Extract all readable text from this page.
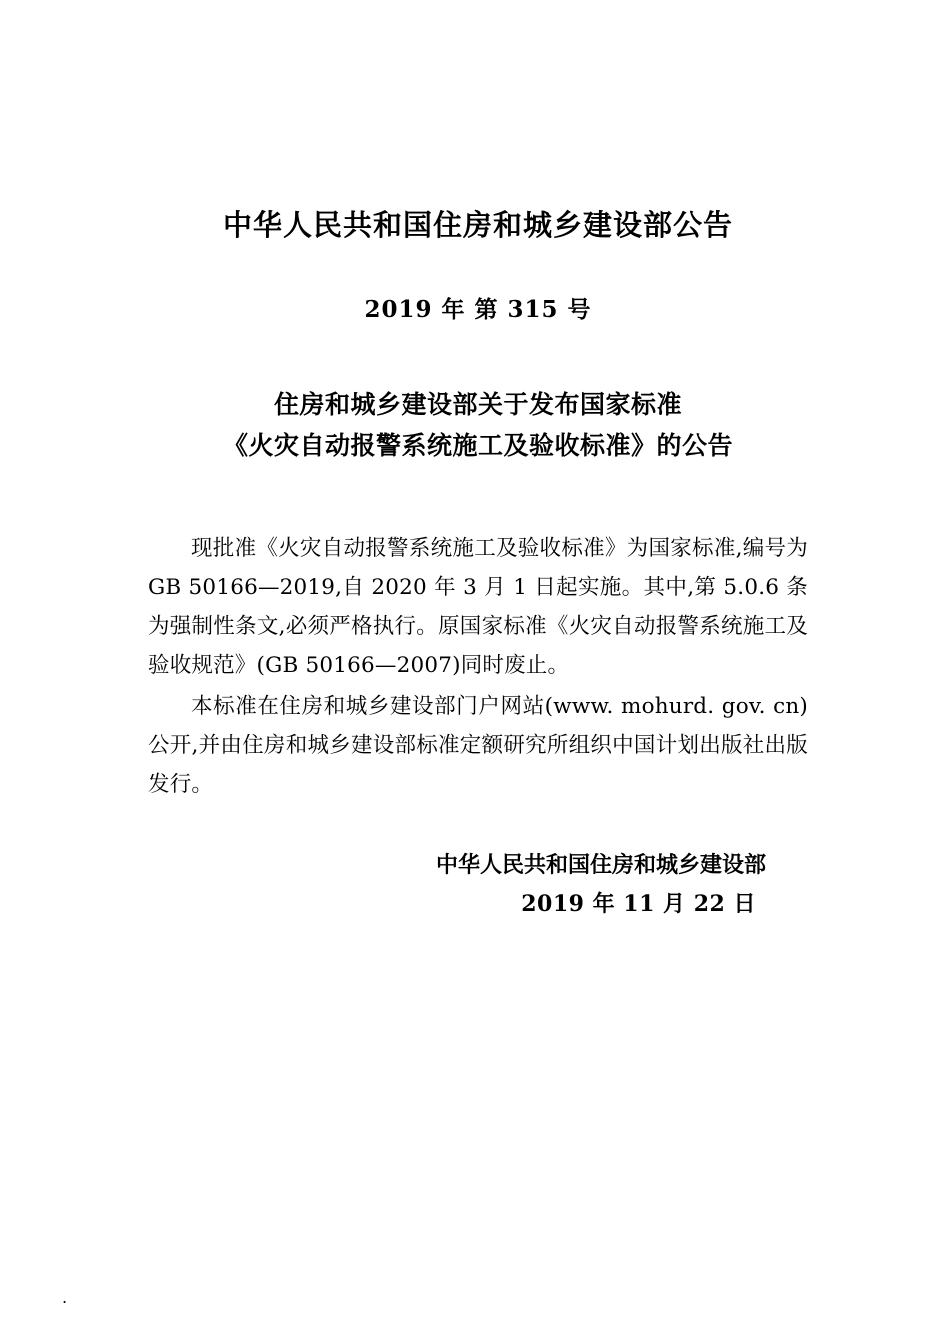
中华人民共和国住房和城乡建设部公告
2019 年 第 315 号
住房和城乡建设部关于发布国家标准
《火灾自动报警系统施工及验收标准》的公告

现批准《火灾自动报警系统施工及验收标准》为国家标准,编号为 GB 50166—2019,自 2020 年 3 月 1 日起实施。其中,第 5.0.6 条为强制性条文,必须严格执行。原国家标准《火灾自动报警系统施工及验收规范》(GB 50166—2007)同时废止。

本标准在住房和城乡建设部门户网站(www. mohurd. gov. cn)公开,并由住房和城乡建设部标准定额研究所组织中国计划出版社出版发行。

中华人民共和国住房和城乡建设部
2019 年 11 月 22 日
.
